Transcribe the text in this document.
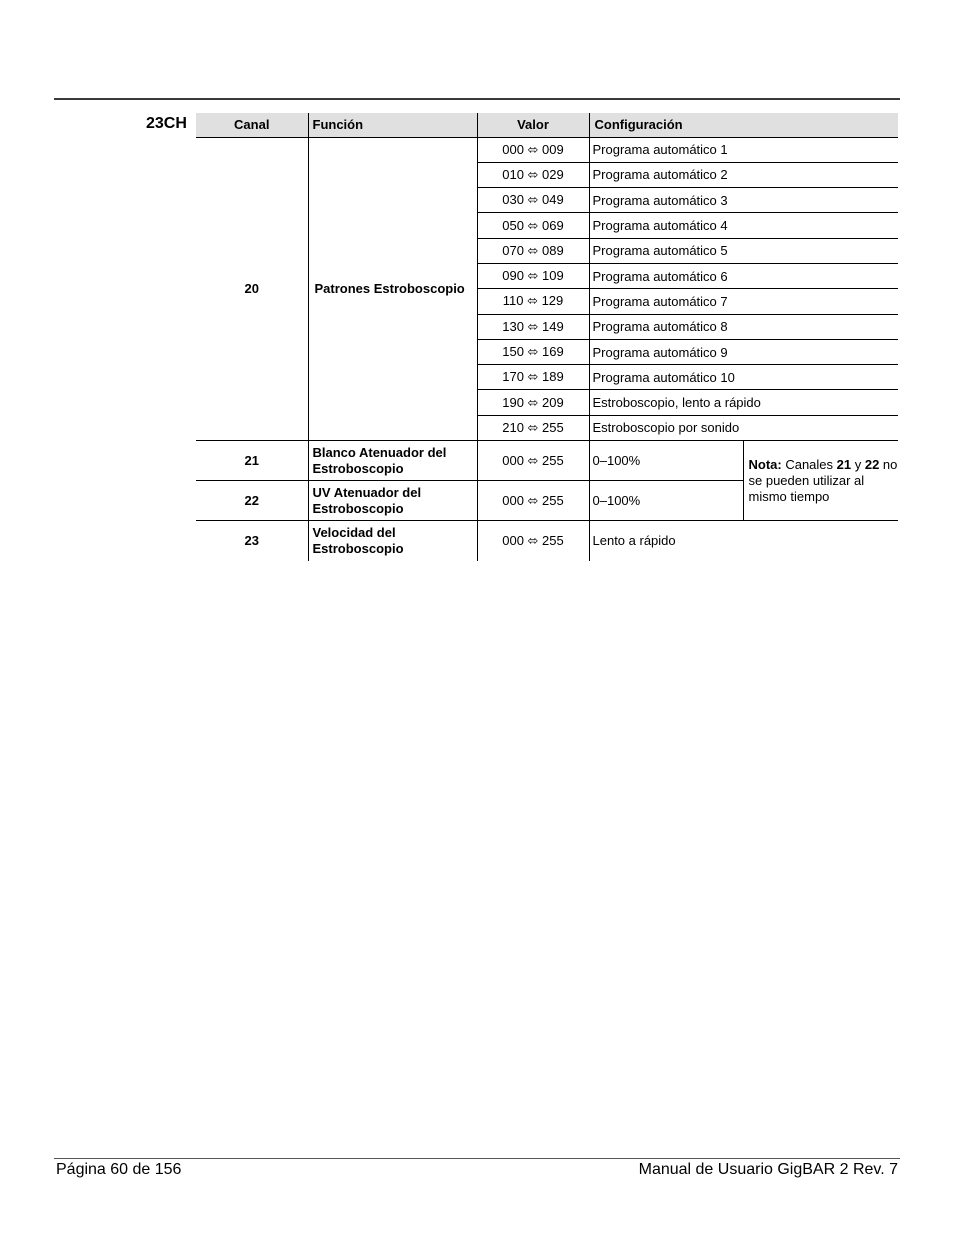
23CH	Canal	Función	Valor	Configuración	
20	Patrones Estroboscopio	000 ⬄ 009	Programa automático 1	
		010 ⬄ 029	Programa automático 2	
		030 ⬄ 049	Programa automático 3	
		050 ⬄ 069	Programa automático 4	
		070 ⬄ 089	Programa automático 5	
		090 ⬄ 109	Programa automático 6	
		110 ⬄ 129	Programa automático 7	
		130 ⬄ 149	Programa automático 8	
		150 ⬄ 169	Programa automático 9	
		170 ⬄ 189	Programa automático 10	
		190 ⬄ 209	Estroboscopio, lento a rápido	
		210 ⬄ 255	Estroboscopio por sonido	
21	Blanco Atenuador del Estroboscopio	000 ⬄ 255	0–100%	Nota: Canales 21 y 22 no se pueden utilizar al mismo tiempo
22	UV Atenuador del Estroboscopio	000 ⬄ 255	0–100%	
23	Velocidad del Estroboscopio	000 ⬄ 255	Lento a rápido	
Página 60 de 156	Manual de Usuario GigBAR 2 Rev. 7
